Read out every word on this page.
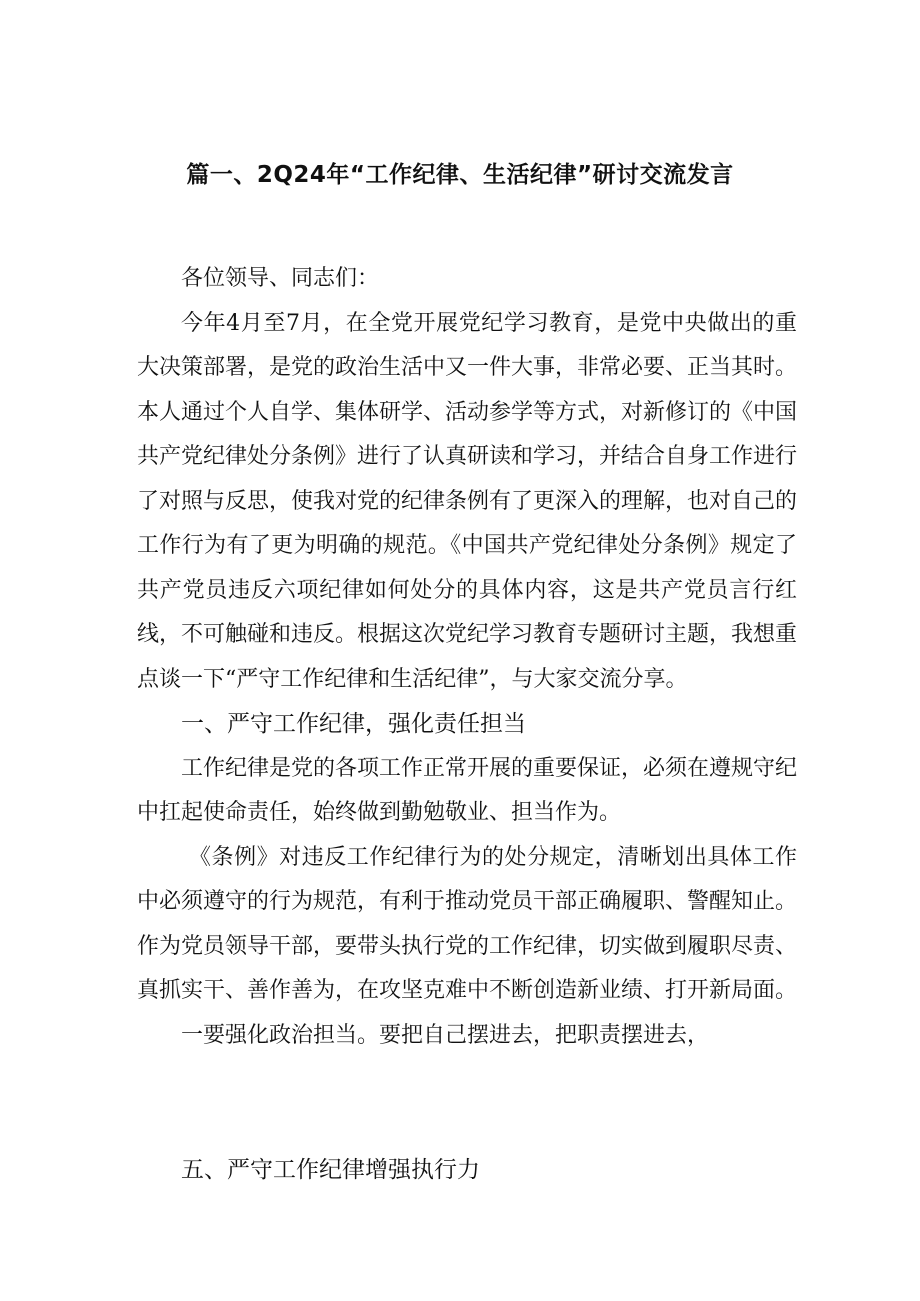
篇一、2Q24年“工作纪律、生活纪律”研讨交流发言

各位领导、同志们：

今年4月至7月，在全党开展党纪学习教育，是党中央做出的重大决策部署，是党的政治生活中又一件大事，非常必要、正当其时。本人通过个人自学、集体研学、活动参学等方式，对新修订的《中国共产党纪律处分条例》进行了认真研读和学习，并结合自身工作进行了对照与反思，使我对党的纪律条例有了更深入的理解，也对自己的工作行为有了更为明确的规范。《中国共产党纪律处分条例》规定了共产党员违反六项纪律如何处分的具体内容，这是共产党员言行红线，不可触碰和违反。根据这次党纪学习教育专题研讨主题，我想重点谈一下“严守工作纪律和生活纪律”，与大家交流分享。

一、严守工作纪律，强化责任担当

工作纪律是党的各项工作正常开展的重要保证，必须在遵规守纪中扛起使命责任，始终做到勤勉敬业、担当作为。

《条例》对违反工作纪律行为的处分规定，清晰划出具体工作中必须遵守的行为规范，有利于推动党员干部正确履职、警醒知止。作为党员领导干部，要带头执行党的工作纪律，切实做到履职尽责、真抓实干、善作善为，在攻坚克难中不断创造新业绩、打开新局面。

一要强化政治担当。要把自己摆进去，把职责摆进去，

五、严守工作纪律增强执行力
